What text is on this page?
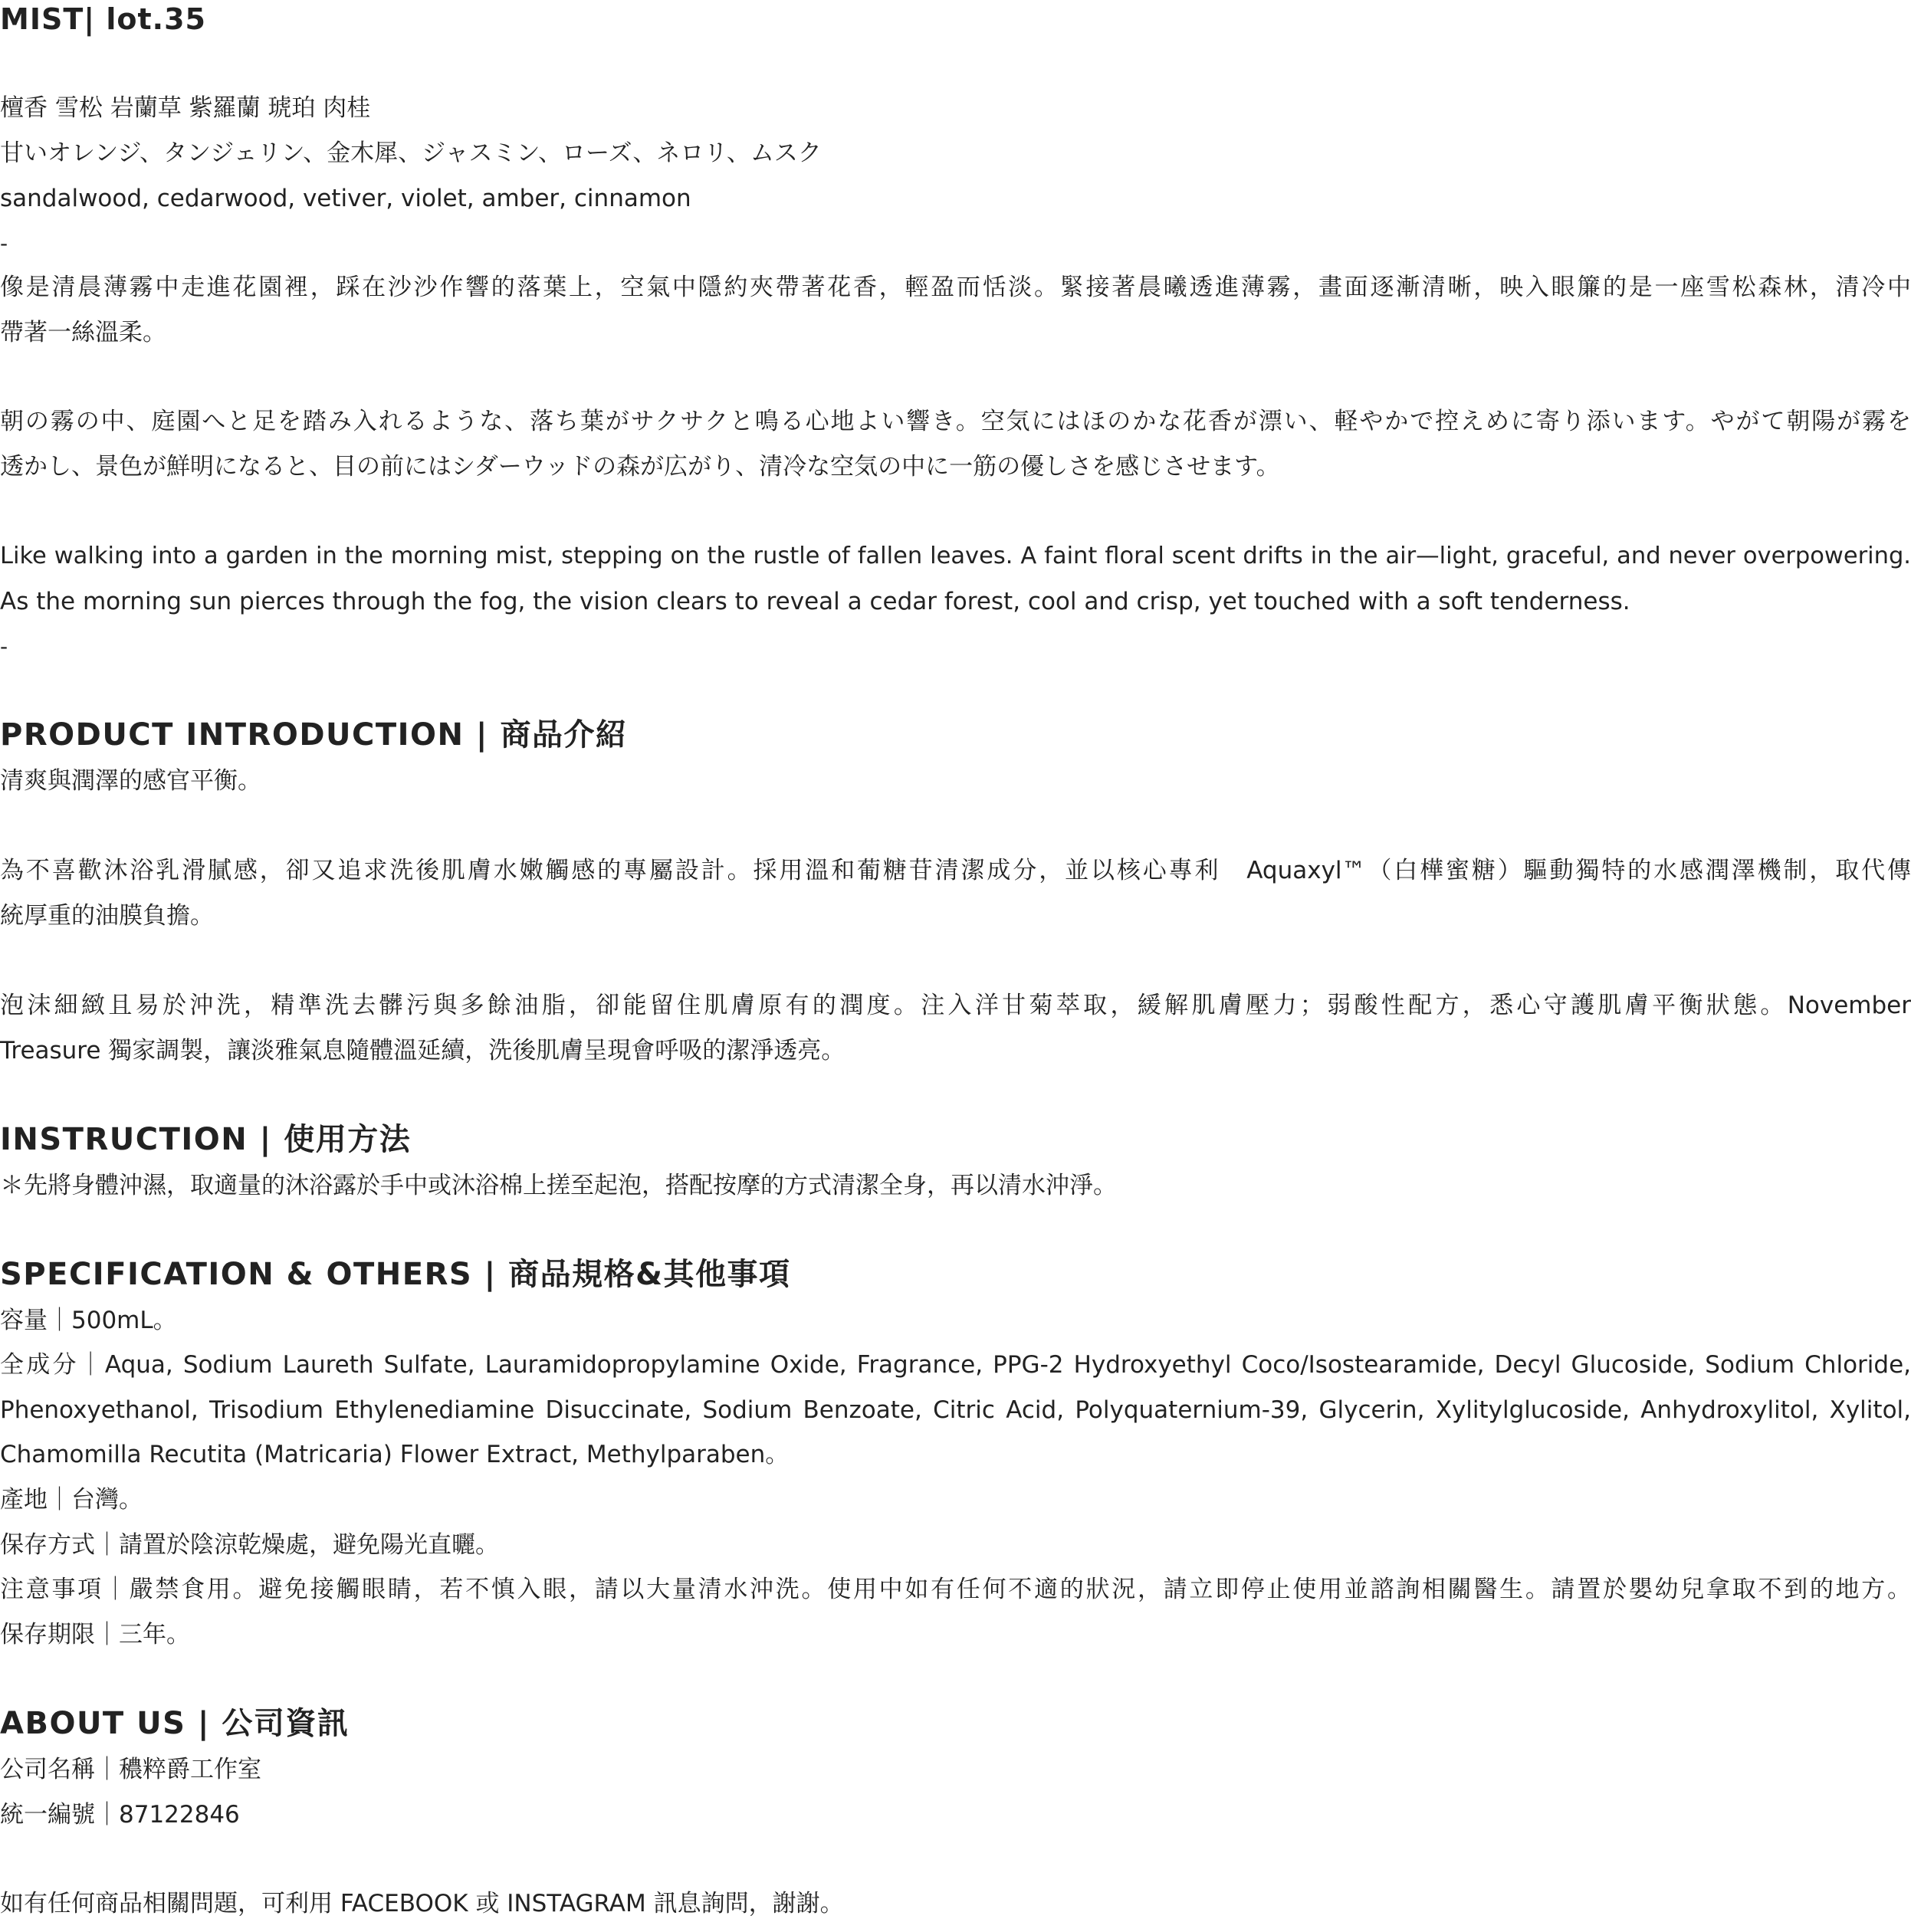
MIST| lot.35
檀香 雪松 岩蘭草 紫羅蘭 琥珀 肉桂
甘いオレンジ、タンジェリン、金木犀、ジャスミン、ローズ、ネロリ、ムスク
sandalwood, cedarwood, vetiver, violet, amber, cinnamon
-
像是清晨薄霧中走進花園裡，踩在沙沙作響的落葉上，空氣中隱約夾帶著花香，輕盈而恬淡。緊接著晨曦透進薄霧，畫面逐漸清晰，映入眼簾的是一座雪松森林，清冷中
帶著一絲溫柔。
朝の霧の中、庭園へと足を踏み入れるような、落ち葉がサクサクと鳴る心地よい響き。空気にはほのかな花香が漂い、軽やかで控えめに寄り添います。やがて朝陽が霧を
透かし、景色が鮮明になると、目の前にはシダーウッドの森が広がり、清冷な空気の中に一筋の優しさを感じさせます。
Like walking into a garden in the morning mist, stepping on the rustle of fallen leaves. A faint floral scent drifts in the air—light, graceful, and never overpowering.
As the morning sun pierces through the fog, the vision clears to reveal a cedar forest, cool and crisp, yet touched with a soft tenderness.
-
PRODUCT INTRODUCTION | 商品介紹
清爽與潤澤的感官平衡。
為不喜歡沐浴乳滑膩感，卻又追求洗後肌膚水嫩觸感的專屬設計。採用溫和葡糖苷清潔成分，並以核心專利　Aquaxyl™（白樺蜜糖）驅動獨特的水感潤澤機制，取代傳
統厚重的油膜負擔。
泡沫細緻且易於沖洗，精準洗去髒污與多餘油脂，卻能留住肌膚原有的潤度。注入洋甘菊萃取，緩解肌膚壓力；弱酸性配方，悉心守護肌膚平衡狀態。November
Treasure 獨家調製，讓淡雅氣息隨體溫延續，洗後肌膚呈現會呼吸的潔淨透亮。
INSTRUCTION | 使用方法
＊先將身體沖濕，取適量的沐浴露於手中或沐浴棉上搓至起泡，搭配按摩的方式清潔全身，再以清水沖淨。
SPECIFICATION & OTHERS | 商品規格&其他事項
容量｜500mL。
全成分｜Aqua, Sodium Laureth Sulfate, Lauramidopropylamine Oxide, Fragrance, PPG-2 Hydroxyethyl Coco/Isostearamide, Decyl Glucoside, Sodium Chloride,
Phenoxyethanol, Trisodium Ethylenediamine Disuccinate, Sodium Benzoate, Citric Acid, Polyquaternium-39, Glycerin, Xylitylglucoside, Anhydroxylitol, Xylitol,
Chamomilla Recutita (Matricaria) Flower Extract, Methylparaben。
產地｜台灣。
保存方式｜請置於陰涼乾燥處，避免陽光直曬。
注意事項｜嚴禁食用。避免接觸眼睛，若不慎入眼，請以大量清水沖洗。使用中如有任何不適的狀況，請立即停止使用並諮詢相關醫生。請置於嬰幼兒拿取不到的地方。
保存期限｜三年。
ABOUT US | 公司資訊
公司名稱｜穠粹爵工作室
統一編號｜87122846
如有任何商品相關問題，可利用 FACEBOOK 或 INSTAGRAM 訊息詢問，謝謝。
